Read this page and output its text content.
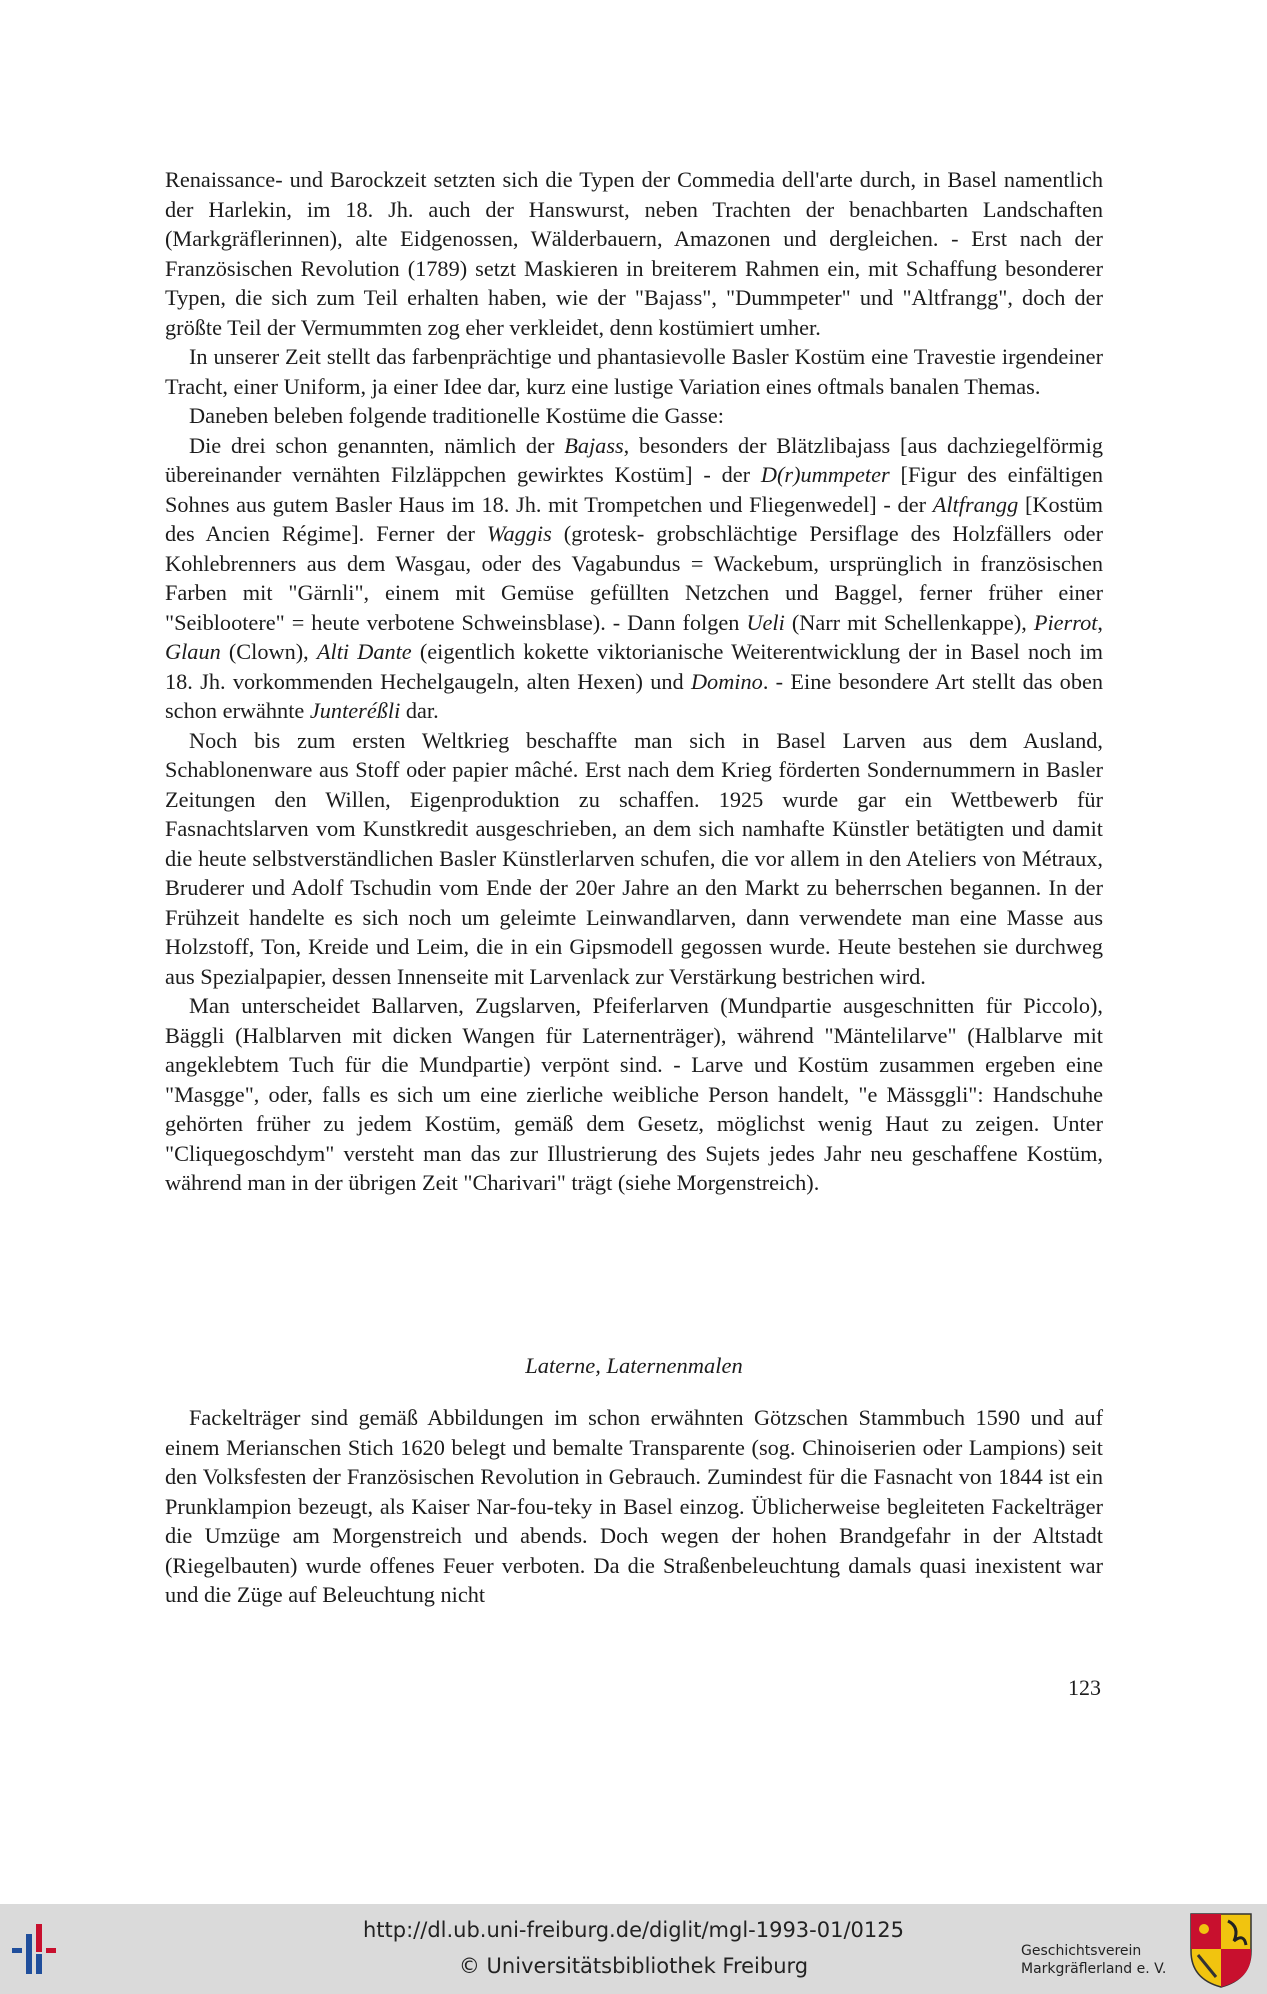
Renaissance- und Barockzeit setzten sich die Typen der Commedia dell'arte durch, in Basel namentlich der Harlekin, im 18. Jh. auch der Hanswurst, neben Trachten der benachbarten Landschaften (Markgräflerinnen), alte Eidgenossen, Wälderbauern, Amazonen und dergleichen. - Erst nach der Französischen Revolution (1789) setzt Maskieren in breiterem Rahmen ein, mit Schaffung besonderer Typen, die sich zum Teil erhalten haben, wie der "Bajass", "Dummpeter" und "Altfrangg", doch der größte Teil der Vermummten zog eher verkleidet, denn kostümiert umher.

In unserer Zeit stellt das farbenprächtige und phantasievolle Basler Kostüm eine Travestie irgendeiner Tracht, einer Uniform, ja einer Idee dar, kurz eine lustige Variation eines oftmals banalen Themas.

Daneben beleben folgende traditionelle Kostüme die Gasse:

Die drei schon genannten, nämlich der Bajass, besonders der Blätzlibajass [aus dachziegelförmig übereinander vernähten Filzläppchen gewirktes Kostüm] - der D(r)ummpeter [Figur des einfältigen Sohnes aus gutem Basler Haus im 18. Jh. mit Trompetchen und Fliegenwedel] - der Altfrangg [Kostüm des Ancien Régime]. Ferner der Waggis (grotesk- grobschlächtige Persiflage des Holzfällers oder Kohlebrenners aus dem Wasgau, oder des Vagabundus = Wackebum, ursprünglich in französischen Farben mit "Gärnli", einem mit Gemüse gefüllten Netzchen und Baggel, ferner früher einer "Seiblootere" = heute verbotene Schweinsblase). - Dann folgen Ueli (Narr mit Schellenkappe), Pierrot, Glaun (Clown), Alti Dante (eigentlich kokette viktorianische Weiterentwicklung der in Basel noch im 18. Jh. vorkommenden Hechelgaugeln, alten Hexen) und Domino. - Eine besondere Art stellt das oben schon erwähnte Junteréßli dar.

Noch bis zum ersten Weltkrieg beschaffte man sich in Basel Larven aus dem Ausland, Schablonenware aus Stoff oder papier mâché. Erst nach dem Krieg förderten Sondernummern in Basler Zeitungen den Willen, Eigenproduktion zu schaffen. 1925 wurde gar ein Wettbewerb für Fasnachtslarven vom Kunstkredit ausgeschrieben, an dem sich namhafte Künstler betätigten und damit die heute selbstverständlichen Basler Künstlerlarven schufen, die vor allem in den Ateliers von Métraux, Bruderer und Adolf Tschudin vom Ende der 20er Jahre an den Markt zu beherrschen begannen. In der Frühzeit handelte es sich noch um geleimte Leinwandlarven, dann verwendete man eine Masse aus Holzstoff, Ton, Kreide und Leim, die in ein Gipsmodell gegossen wurde. Heute bestehen sie durchweg aus Spezialpapier, dessen Innenseite mit Larvenlack zur Verstärkung bestrichen wird.

Man unterscheidet Ballarven, Zugslarven, Pfeiferlarven (Mundpartie ausgeschnitten für Piccolo), Bäggli (Halblarven mit dicken Wangen für Laternenträger), während "Mäntelilarve" (Halblarve mit angeklebtem Tuch für die Mundpartie) verpönt sind. - Larve und Kostüm zusammen ergeben eine "Masgge", oder, falls es sich um eine zierliche weibliche Person handelt, "e Mässggli": Handschuhe gehörten früher zu jedem Kostüm, gemäß dem Gesetz, möglichst wenig Haut zu zeigen. Unter "Cliquegoschdym" versteht man das zur Illustrierung des Sujets jedes Jahr neu geschaffene Kostüm, während man in der übrigen Zeit "Charivari" trägt (siehe Morgenstreich).

Laterne, Laternenmalen

Fackelträger sind gemäß Abbildungen im schon erwähnten Götzschen Stammbuch 1590 und auf einem Merianschen Stich 1620 belegt und bemalte Transparente (sog. Chinoiserien oder Lampions) seit den Volksfesten der Französischen Revolution in Gebrauch. Zumindest für die Fasnacht von 1844 ist ein Prunklampion bezeugt, als Kaiser Nar-fou-teky in Basel einzog. Üblicherweise begleiteten Fackelträger die Umzüge am Morgenstreich und abends. Doch wegen der hohen Brandgefahr in der Altstadt (Riegelbauten) wurde offenes Feuer verboten. Da die Straßenbeleuchtung damals quasi inexistent war und die Züge auf Beleuchtung nicht

123
http://dl.ub.uni-freiburg.de/diglit/mgl-1993-01/0125
© Universitätsbibliothek Freiburg
Geschichtsverein
Markgräflerland e. V.
